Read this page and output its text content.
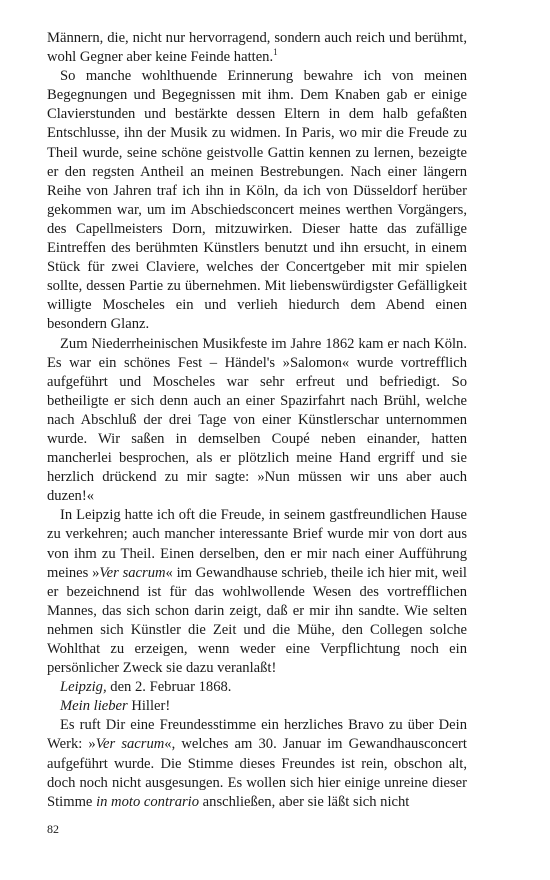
Männern, die, nicht nur hervorragend, sondern auch reich und berühmt, wohl Gegner aber keine Feinde hatten.$^1$

So manche wohlthuende Erinnerung bewahre ich von meinen Begegnungen und Begegnissen mit ihm. Dem Knaben gab er einige Clavierstunden und bestärkte dessen Eltern in dem halb gefaßten Entschlusse, ihn der Musik zu widmen. In Paris, wo mir die Freude zu Theil wurde, seine schöne geistvolle Gattin kennen zu lernen, bezeigte er den regsten Antheil an meinen Bestrebungen. Nach einer längern Reihe von Jahren traf ich ihn in Köln, da ich von Düsseldorf herüber gekommen war, um im Abschiedsconcert meines werthen Vorgängers, des Capellmeisters Dorn, mitzuwirken. Dieser hatte das zufällige Eintreffen des berühmten Künstlers benutzt und ihn ersucht, in einem Stück für zwei Claviere, welches der Concertgeber mit mir spielen sollte, dessen Partie zu übernehmen. Mit liebenswürdigster Gefälligkeit willigte Moscheles ein und verlieh hiedurch dem Abend einen besondern Glanz.

Zum Niederrheinischen Musikfeste im Jahre 1862 kam er nach Köln. Es war ein schönes Fest – Händel's »Salomon« wurde vortrefflich aufgeführt und Moscheles war sehr erfreut und befriedigt. So betheiligte er sich denn auch an einer Spazirfahrt nach Brühl, welche nach Abschluß der drei Tage von einer Künstlerschar unternommen wurde. Wir saßen in demselben Coupé neben einander, hatten mancherlei besprochen, als er plötzlich meine Hand ergriff und sie herzlich drückend zu mir sagte: »Nun müssen wir uns aber auch duzen!«

In Leipzig hatte ich oft die Freude, in seinem gastfreundlichen Hause zu verkehren; auch mancher interessante Brief wurde mir von dort aus von ihm zu Theil. Einen derselben, den er mir nach einer Aufführung meines »Ver sacrum« im Gewandhause schrieb, theile ich hier mit, weil er bezeichnend ist für das wohlwollende Wesen des vortrefflichen Mannes, das sich schon darin zeigt, daß er mir ihn sandte. Wie selten nehmen sich Künstler die Zeit und die Mühe, den Collegen solche Wohlthat zu erzeigen, wenn weder eine Verpflichtung noch ein persönlicher Zweck sie dazu veranlaßt!

Leipzig, den 2. Februar 1868.

Mein lieber Hiller!

Es ruft Dir eine Freundesstimme ein herzliches Bravo zu über Dein Werk: »Ver sacrum«, welches am 30. Januar im Gewandhausconcert aufgeführt wurde. Die Stimme dieses Freundes ist rein, obschon alt, doch noch nicht ausgesungen. Es wollen sich hier einige unreine dieser Stimme in moto contrario anschließen, aber sie läßt sich nicht

82
